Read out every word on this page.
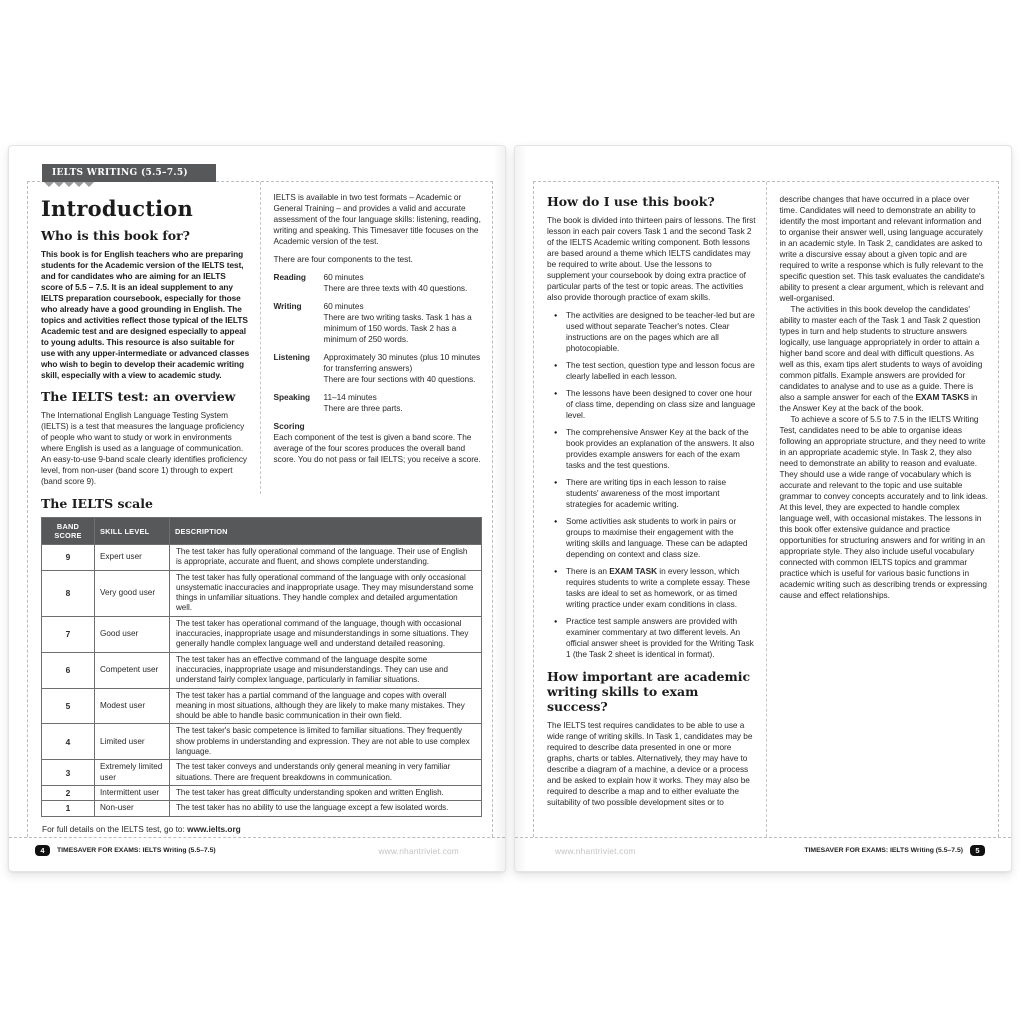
IELTS WRITING (5.5–7.5)
Introduction
Who is this book for?

This book is for English teachers who are preparing students for the Academic version of the IELTS test, and for candidates who are aiming for an IELTS score of 5.5 – 7.5. It is an ideal supplement to any IELTS preparation coursebook, especially for those who already have a good grounding in English. The topics and activities reflect those typical of the IELTS Academic test and are designed especially to appeal to young adults. This resource is also suitable for use with any upper-intermediate or advanced classes who wish to begin to develop their academic writing skill, especially with a view to academic study.

The IELTS test: an overview

The International English Language Testing System (IELTS) is a test that measures the language proficiency of people who want to study or work in environments where English is used as a language of communication. An easy-to-use 9-band scale clearly identifies proficiency level, from non-user (band score 1) through to expert (band score 9).

IELTS is available in two test formats – Academic or General Training – and provides a valid and accurate assessment of the four language skills: listening, reading, writing and speaking. This Timesaver title focuses on the Academic version of the test.

There are four components to the test.

Reading	60 minutes
There are three texts with 40 questions.
Writing	60 minutes
There are two writing tasks. Task 1 has a minimum of 150 words. Task 2 has a minimum of 250 words.
Listening	Approximately 30 minutes (plus 10 minutes for transferring answers)
There are four sections with 40 questions.
Speaking	11–14 minutes
There are three parts.
Scoring

Each component of the test is given a band score. The average of the four scores produces the overall band score. You do not pass or fail IELTS; you receive a score.

The IELTS scale
BAND SCORE	SKILL LEVEL	DESCRIPTION
9	Expert user	The test taker has fully operational command of the language. Their use of English is appropriate, accurate and fluent, and shows complete understanding.
8	Very good user	The test taker has fully operational command of the language with only occasional unsystematic inaccuracies and inappropriate usage. They may misunderstand some things in unfamiliar situations. They handle complex and detailed argumentation well.
7	Good user	The test taker has operational command of the language, though with occasional inaccuracies, inappropriate usage and misunderstandings in some situations. They generally handle complex language well and understand detailed reasoning.
6	Competent user	The test taker has an effective command of the language despite some inaccuracies, inappropriate usage and misunderstandings. They can use and understand fairly complex language, particularly in familiar situations.
5	Modest user	The test taker has a partial command of the language and copes with overall meaning in most situations, although they are likely to make many mistakes. They should be able to handle basic communication in their own field.
4	Limited user	The test taker's basic competence is limited to familiar situations. They frequently show problems in understanding and expression. They are not able to use complex language.
3	Extremely limited user	The test taker conveys and understands only general meaning in very familiar situations. There are frequent breakdowns in communication.
2	Intermittent user	The test taker has great difficulty understanding spoken and written English.
1	Non-user	The test taker has no ability to use the language except a few isolated words.

For full details on the IELTS test, go to: www.ielts.org

4	TIMESAVER FOR EXAMS: IELTS Writing (5.5–7.5)	www.nhantriviet.com
How do I use this book?

The book is divided into thirteen pairs of lessons. The first lesson in each pair covers Task 1 and the second Task 2 of the IELTS Academic writing component. Both lessons are based around a theme which IELTS candidates may be required to write about. Use the lessons to supplement your coursebook by doing extra practice of particular parts of the test or topic areas. The activities also provide thorough practice of exam skills.

● The activities are designed to be teacher-led but are used without separate Teacher's notes. Clear instructions are on the pages which are all photocopiable.
● The test section, question type and lesson focus are clearly labelled in each lesson.
● The lessons have been designed to cover one hour of class time, depending on class size and language level.
● The comprehensive Answer Key at the back of the book provides an explanation of the answers. It also provides example answers for each of the exam tasks and the test questions.
● There are writing tips in each lesson to raise students' awareness of the most important strategies for academic writing.
● Some activities ask students to work in pairs or groups to maximise their engagement with the writing skills and language. These can be adapted depending on context and class size.
● There is an EXAM TASK in every lesson, which requires students to write a complete essay. These tasks are ideal to set as homework, or as timed writing practice under exam conditions in class.
● Practice test sample answers are provided with examiner commentary at two different levels. An official answer sheet is provided for the Writing Task 1 (the Task 2 sheet is identical in format).
How important are academic writing skills to exam success?

The IELTS test requires candidates to be able to use a wide range of writing skills. In Task 1, candidates may be required to describe data presented in one or more graphs, charts or tables. Alternatively, they may have to describe a diagram of a machine, a device or a process and be asked to explain how it works. They may also be required to describe a map and to either evaluate the suitability of two possible development sites or to

describe changes that have occurred in a place over time. Candidates will need to demonstrate an ability to identify the most important and relevant information and to organise their answer well, using language accurately in an academic style. In Task 2, candidates are asked to write a discursive essay about a given topic and are required to write a response which is fully relevant to the specific question set. This task evaluates the candidate's ability to present a clear argument, which is relevant and well-organised.

The activities in this book develop the candidates' ability to master each of the Task 1 and Task 2 question types in turn and help students to structure answers logically, use language appropriately in order to attain a higher band score and deal with difficult questions. As well as this, exam tips alert students to ways of avoiding common pitfalls. Example answers are provided for candidates to analyse and to use as a guide. There is also a sample answer for each of the EXAM TASKS in the Answer Key at the back of the book.

To achieve a score of 5.5 to 7.5 in the IELTS Writing Test, candidates need to be able to organise ideas following an appropriate structure, and they need to write in an appropriate academic style. In Task 2, they also need to demonstrate an ability to reason and evaluate. They should use a wide range of vocabulary which is accurate and relevant to the topic and use suitable grammar to convey concepts accurately and to link ideas. At this level, they are expected to handle complex language well, with occasional mistakes. The lessons in this book offer extensive guidance and practice opportunities for structuring answers and for writing in an appropriate style. They also include useful vocabulary connected with common IELTS topics and grammar practice which is useful for various basic functions in academic writing such as describing trends or expressing cause and effect relationships.

www.nhantriviet.com	TIMESAVER FOR EXAMS: IELTS Writing (5.5–7.5)	5
